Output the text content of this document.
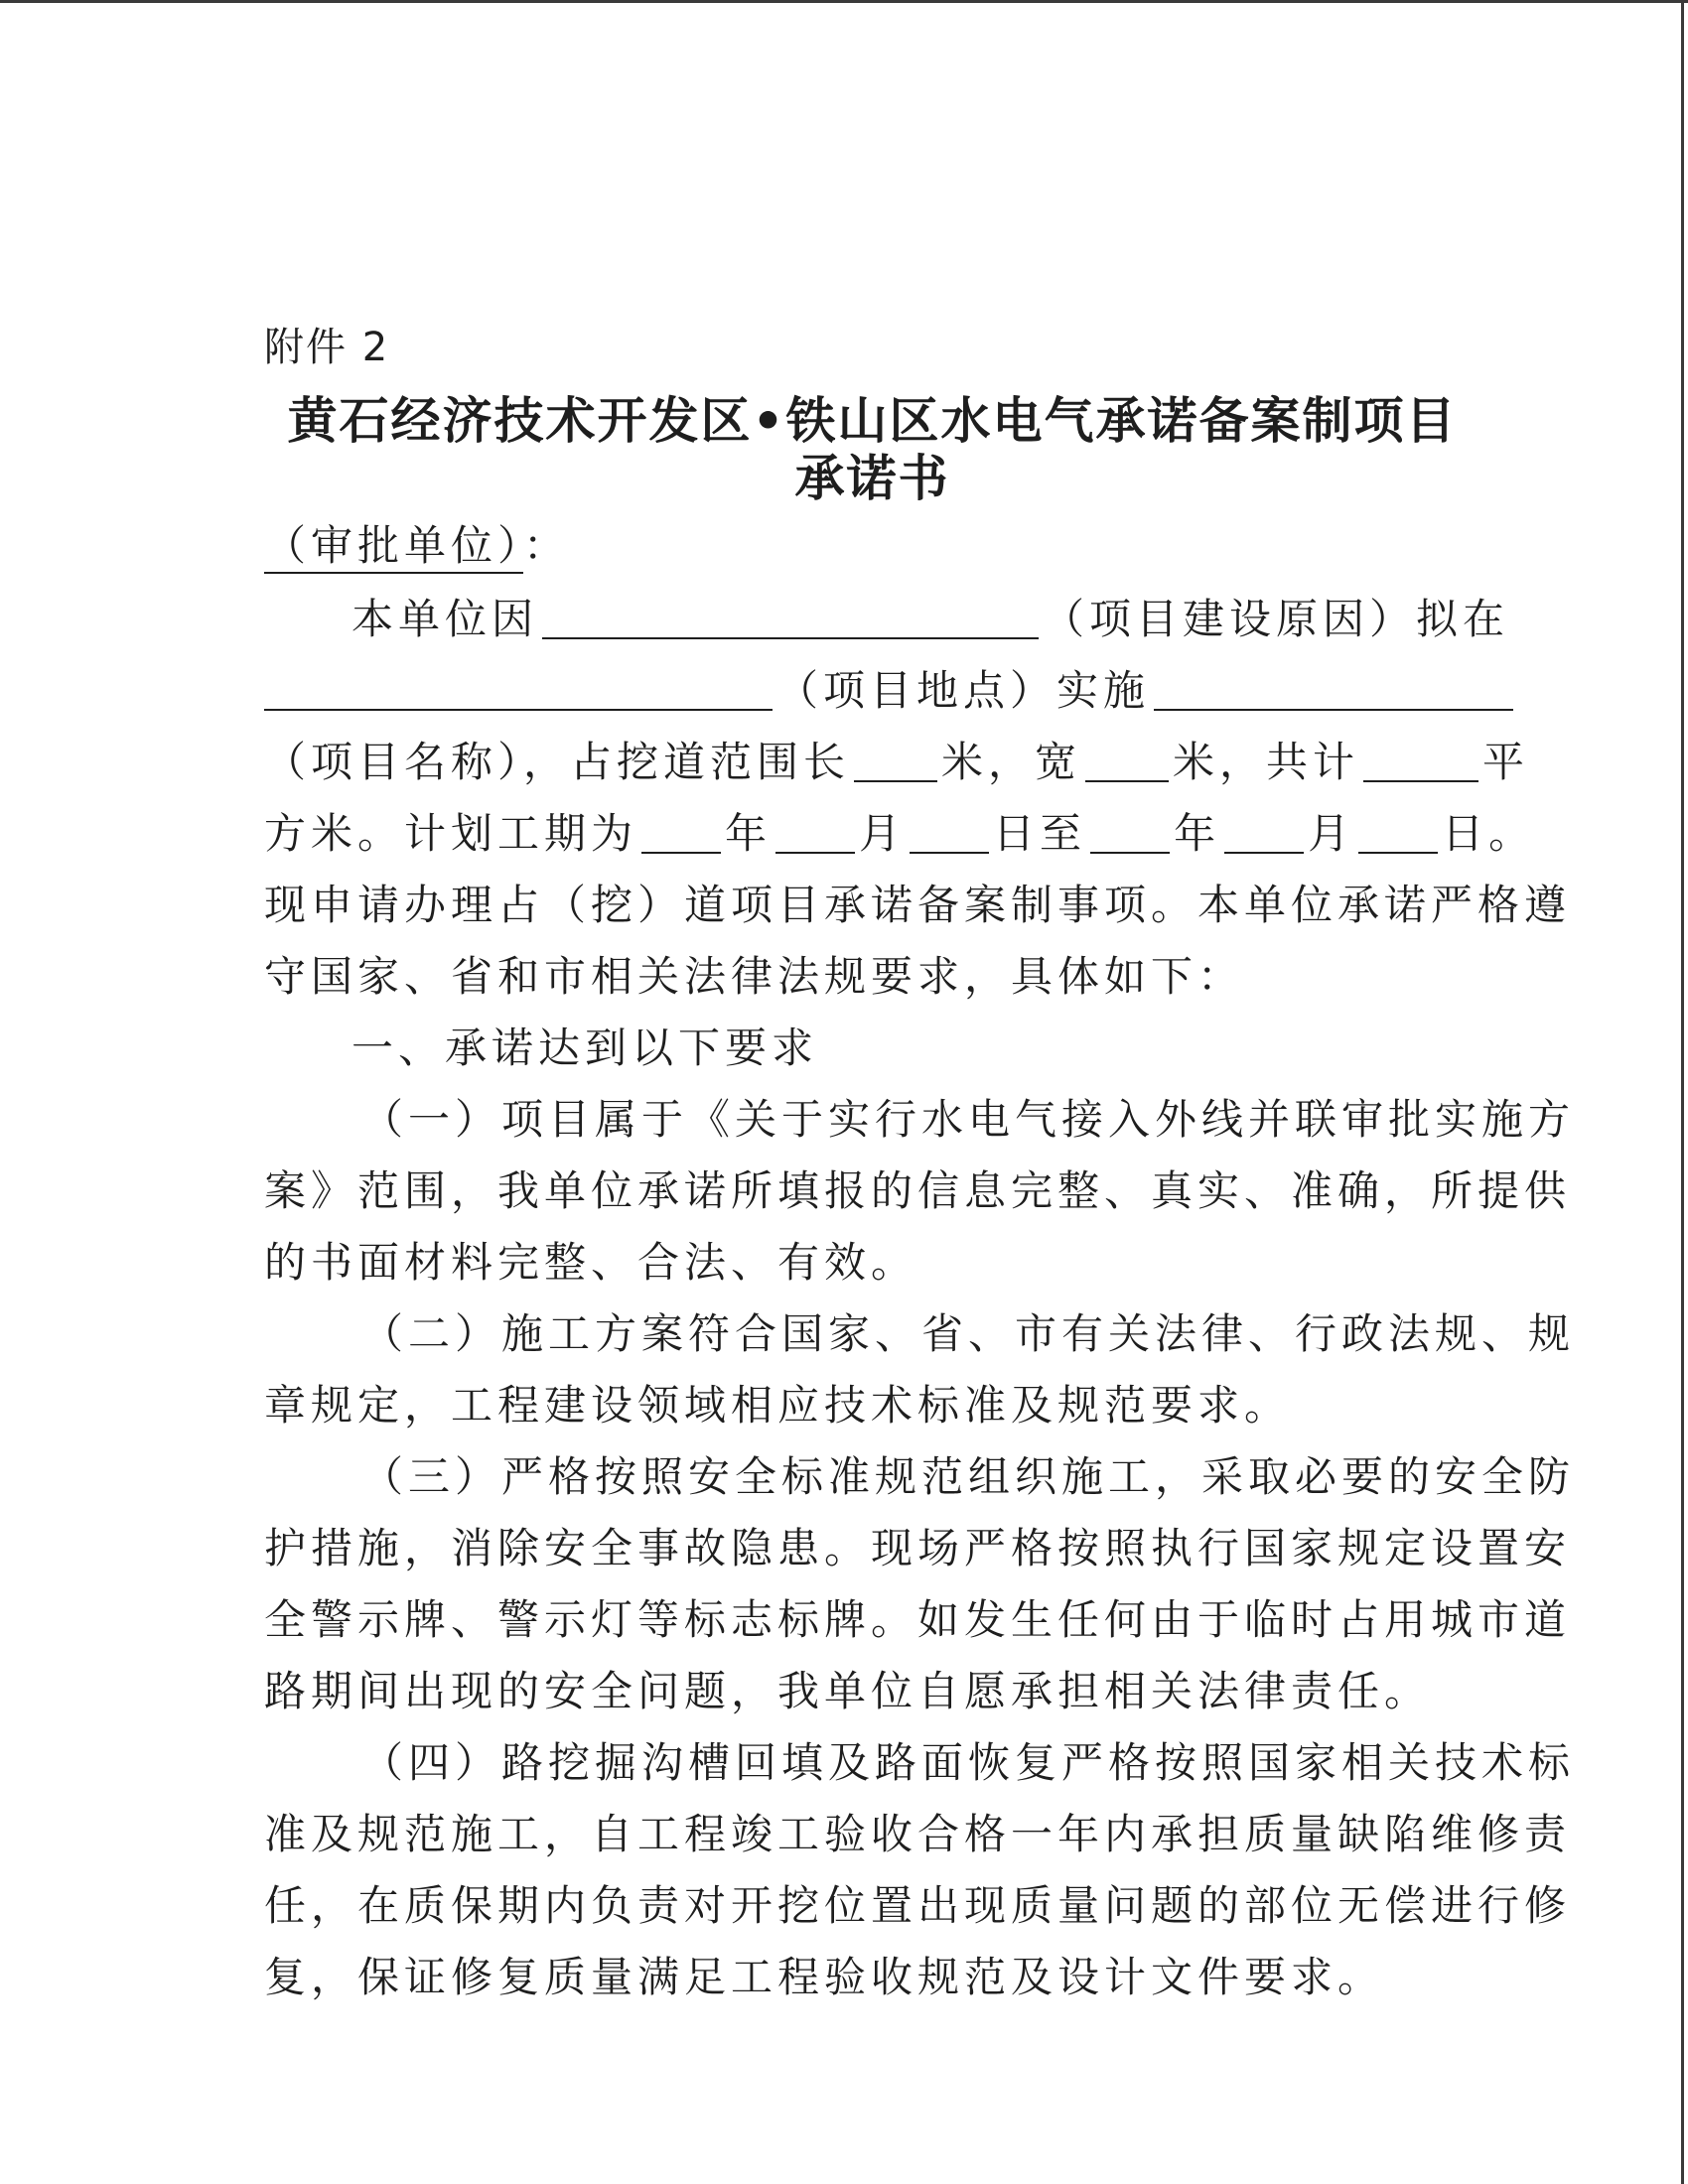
附件 2
黄石经济技术开发区•铁山区水电气承诺备案制项目
承诺书
（审批单位）：
本单位因	（项目建设原因）拟在
（项目地点）实施
（项目名称），占挖道范围长 米，宽 米，共计	平
方米。计划工期为 年 月 日至 年 月 日。
现申请办理占（挖）道项目承诺备案制事项。本单位承诺严格遵
守国家、省和市相关法律法规要求，具体如下：
一、承诺达到以下要求
（一）项目属于《关于实行水电气接入外线并联审批实施方
案》范围，我单位承诺所填报的信息完整、真实、准确，所提供
的书面材料完整、合法、有效。
（二）施工方案符合国家、省、市有关法律、行政法规、规
章规定，工程建设领域相应技术标准及规范要求。
（三）严格按照安全标准规范组织施工，采取必要的安全防
护措施，消除安全事故隐患。现场严格按照执行国家规定设置安
全警示牌、警示灯等标志标牌。如发生任何由于临时占用城市道
路期间出现的安全问题，我单位自愿承担相关法律责任。
（四）路挖掘沟槽回填及路面恢复严格按照国家相关技术标
准及规范施工，自工程竣工验收合格一年内承担质量缺陷维修责
任，在质保期内负责对开挖位置出现质量问题的部位无偿进行修
复，保证修复质量满足工程验收规范及设计文件要求。
